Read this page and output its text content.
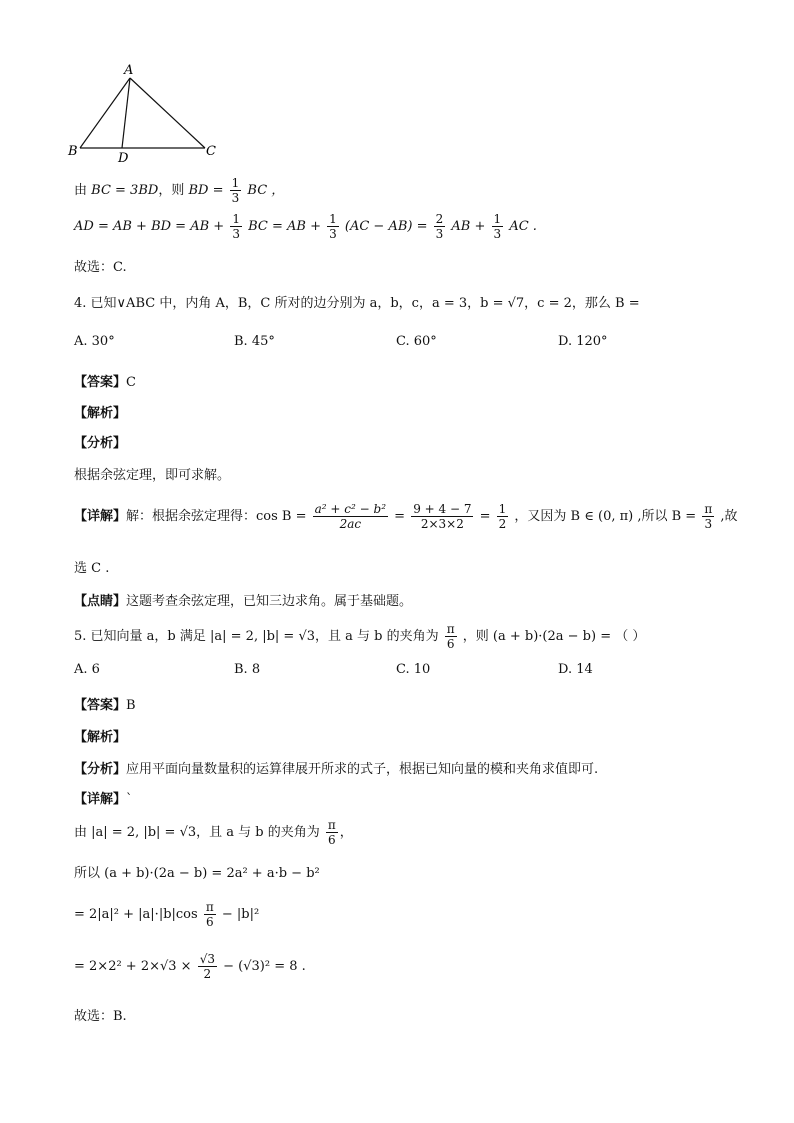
A
B	C
D
由 BC = 3BD，则 BD = $\frac{1}{3}$ BC ，
AD = AB + BD = AB + $\frac{1}{3}$ BC = AB + $\frac{1}{3} (AC - AB) = \frac{2}{3}$ AB + $\frac{1}{3}$ AC .
故选：C.
4. 已知∨ABC 中，内角 A，B，C 所对的边分别为 a，b，c，a = 3，b = √7，c = 2，那么 B =
A. 30°	B. 45°	C. 60°	D. 120°
【答案】C
【解析】
【分析】
根据余弦定理，即可求解。
【详解】解：根据余弦定理得：$\cos B = \frac{\text{a² + c² − b²}}{2ac} = \frac{9 + 4 - 7}{2\times 3\times 2} = \frac{1}{2}$ ，又因为 B ∈ (0, π) ,所以 $B = \frac{\pi}{3}$ ,故
选 C .
【点睛】这题考查余弦定理，已知三边求角。属于基础题。
5. 已知向量 a，b 满足 |a| = 2, |b| = √3，且 a 与 b 的夹角为 $\frac{\pi}{6}$ ，则 (a + b)·(2a − b) = （ ）
A. 6	B. 8	C. 10	D. 14
【答案】B
【解析】
【分析】应用平面向量数量积的运算律展开所求的式子，根据已知向量的模和夹角求值即可.
【详解】`
由 |a| = 2, |b| = √3，且 a 与 b 的夹角为 $\frac{\pi}{6}$ ，
所以 (a + b)·(2a − b) = 2a² + a·b − b²
= $2|a|^2 + |a|\cdot|b|\cos \frac{\pi}{6} - |b|^2$
= $2\times 2^2 + 2\times√3 \times \frac{√3}{2} - (√3)^2 = 8$ .
故选：B.
